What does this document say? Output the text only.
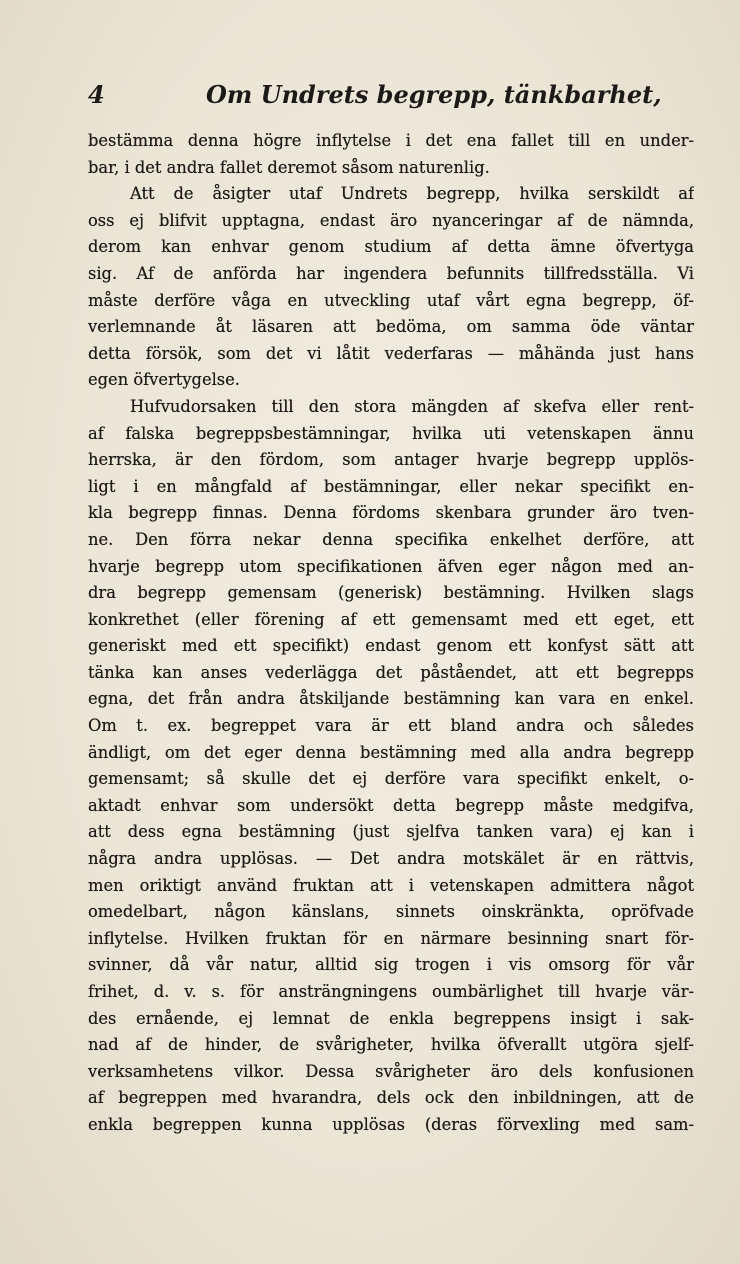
4	Om Undrets begrepp, tänkbarhet,
bestämma denna högre inflytelse i det ena fallet till en under-
bar, i det andra fallet deremot såsom naturenlig.
Att de åsigter utaf Undrets begrepp, hvilka serskildt af
oss ej blifvit upptagna, endast äro nyanceringar af de nämnda,
derom kan enhvar genom studium af detta ämne öfvertyga
sig. Af de anförda har ingendera befunnits tillfredsställa. Vi
måste derföre våga en utveckling utaf vårt egna begrepp, öf-
verlemnande åt läsaren att bedöma, om samma öde väntar
detta försök, som det vi låtit vederfaras — måhända just hans
egen öfvertygelse.
Hufvudorsaken till den stora mängden af skefva eller rent-
af falska begreppsbestämningar, hvilka uti vetenskapen ännu
herrska, är den fördom, som antager hvarje begrepp upplös-
ligt i en mångfald af bestämningar, eller nekar specifikt en-
kla begrepp finnas. Denna fördoms skenbara grunder äro tven-
ne. Den förra nekar denna specifika enkelhet derföre, att
hvarje begrepp utom specifikationen äfven eger någon med an-
dra begrepp gemensam (generisk) bestämning. Hvilken slags
konkrethet (eller förening af ett gemensamt med ett eget, ett
generiskt med ett specifikt) endast genom ett konfyst sätt att
tänka kan anses vederlägga det påståendet, att ett begrepps
egna, det från andra åtskiljande bestämning kan vara en enkel.
Om t. ex. begreppet vara är ett bland andra och således
ändligt, om det eger denna bestämning med alla andra begrepp
gemensamt; så skulle det ej derföre vara specifikt enkelt, o-
aktadt enhvar som undersökt detta begrepp måste medgifva,
att dess egna bestämning (just sjelfva tanken vara) ej kan i
några andra upplösas. — Det andra motskälet är en rättvis,
men oriktigt använd fruktan att i vetenskapen admittera något
omedelbart, någon känslans, sinnets oinskränkta, opröfvade
inflytelse. Hvilken fruktan för en närmare besinning snart för-
svinner, då vår natur, alltid sig trogen i vis omsorg för vår
frihet, d. v. s. för ansträngningens oumbärlighet till hvarje vär-
des ernående, ej lemnat de enkla begreppens insigt i sak-
nad af de hinder, de svårigheter, hvilka öfverallt utgöra sjelf-
verksamhetens vilkor. Dessa svårigheter äro dels konfusionen
af begreppen med hvarandra, dels ock den inbildningen, att de
enkla begreppen kunna upplösas (deras förvexling med sam-
